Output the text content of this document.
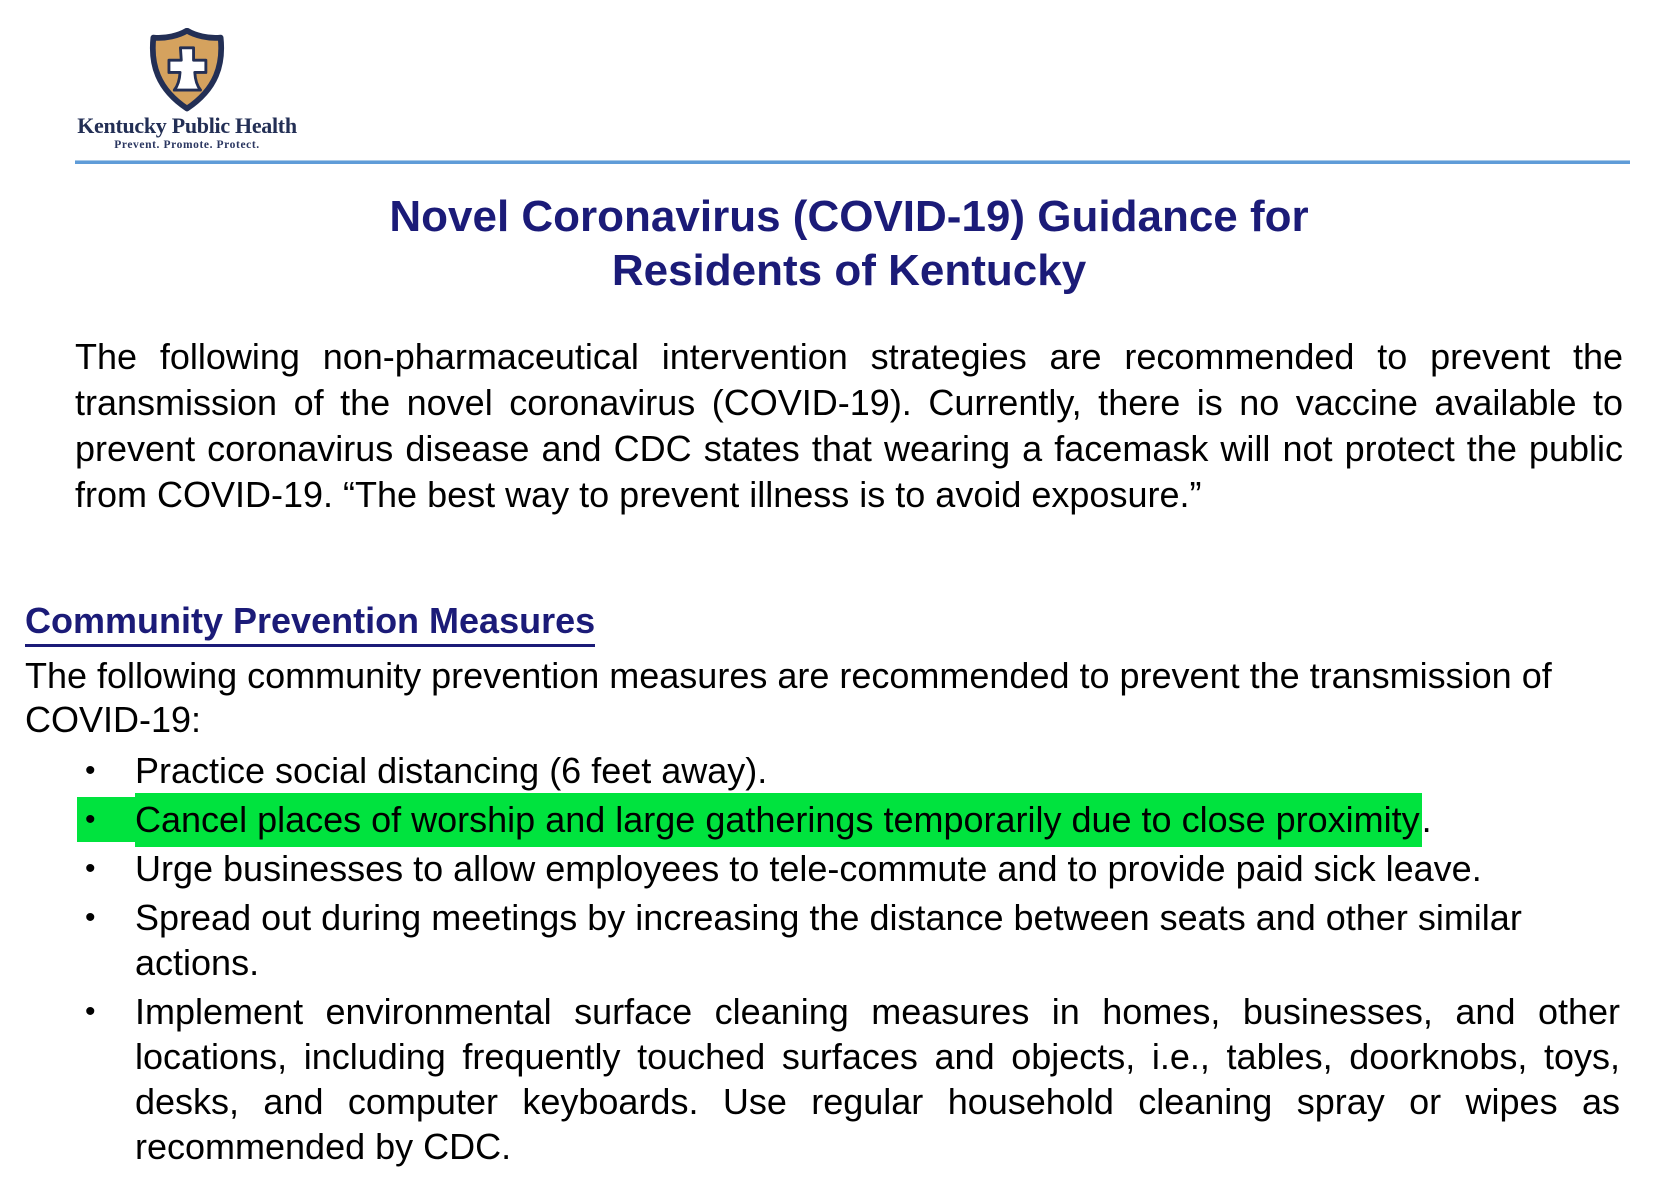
Kentucky Public Health
Prevent. Promote. Protect.
Novel Coronavirus (COVID-19) Guidance for
Residents of Kentucky
The following non-pharmaceutical intervention strategies are recommended to prevent the transmission of the novel coronavirus (COVID-19). Currently, there is no vaccine available to prevent coronavirus disease and CDC states that wearing a facemask will not protect the public from COVID-19. “The best way to prevent illness is to avoid exposure.”
Community Prevention Measures
The following community prevention measures are recommended to prevent the transmission of COVID-19:
•	Practice social distancing (6 feet away).
•	Cancel places of worship and large gatherings temporarily due to close proximity.
•	Urge businesses to allow employees to tele-commute and to provide paid sick leave.
•	Spread out during meetings by increasing the distance between seats and other similar actions.
•	Implement environmental surface cleaning measures in homes, businesses, and other locations, including frequently touched surfaces and objects, i.e., tables, doorknobs, toys, desks, and computer keyboards. Use regular household cleaning spray or wipes as recommended by CDC.
